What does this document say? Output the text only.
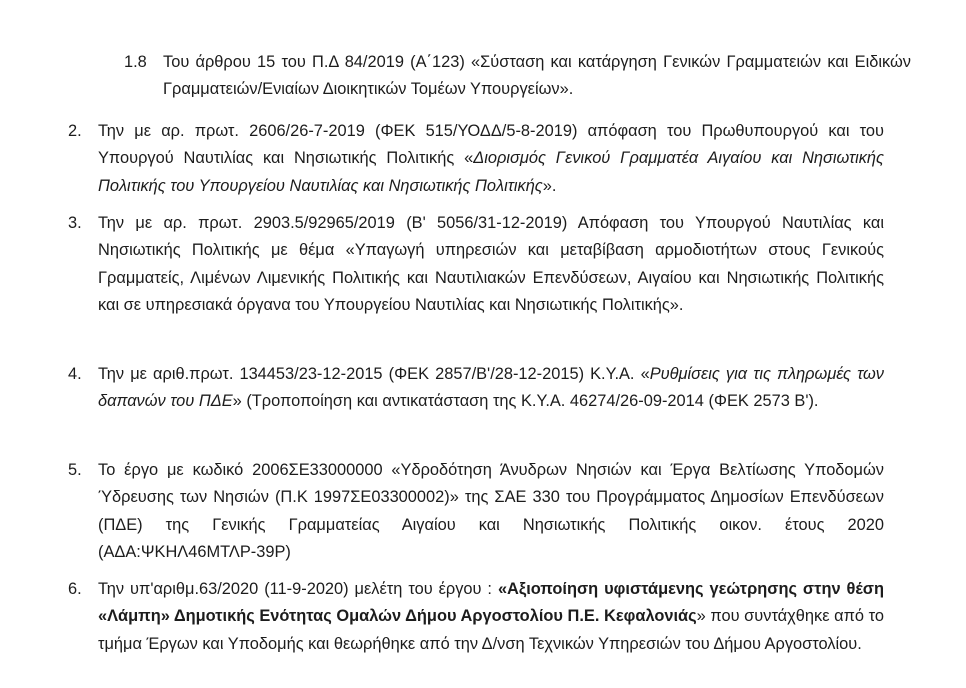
1.8 Του άρθρου 15 του Π.Δ 84/2019 (Α΄123) «Σύσταση και κατάργηση Γενικών Γραμματειών και Ειδικών Γραμματειών/Ενιαίων Διοικητικών Τομέων Υπουργείων».
2. Την με αρ. πρωτ. 2606/26-7-2019 (ΦΕΚ 515/ΥΟΔΔ/5-8-2019) απόφαση του Πρωθυπουργού και του Υπουργού Ναυτιλίας και Νησιωτικής Πολιτικής «Διορισμός Γενικού Γραμματέα Αιγαίου και Νησιωτικής Πολιτικής του Υπουργείου Ναυτιλίας και Νησιωτικής Πολιτικής».
3. Την με αρ. πρωτ. 2903.5/92965/2019 (Β' 5056/31-12-2019) Απόφαση του Υπουργού Ναυτιλίας και Νησιωτικής Πολιτικής με θέμα «Υπαγωγή υπηρεσιών και μεταβίβαση αρμοδιοτήτων στους Γενικούς Γραμματείς, Λιμένων Λιμενικής Πολιτικής και Ναυτιλιακών Επενδύσεων, Αιγαίου και Νησιωτικής Πολιτικής και σε υπηρεσιακά όργανα του Υπουργείου Ναυτιλίας και Νησιωτικής Πολιτικής».
4. Την με αριθ.πρωτ. 134453/23-12-2015 (ΦΕΚ 2857/Β'/28-12-2015) Κ.Υ.Α. «Ρυθμίσεις για τις πληρωμές των δαπανών του ΠΔΕ» (Τροποποίηση και αντικατάσταση της Κ.Υ.Α. 46274/26-09-2014 (ΦΕΚ 2573 Β').
5. Το έργο με κωδικό 2006ΣΕ33000000 «Υδροδότηση Άνυδρων Νησιών και Έργα Βελτίωσης Υποδομών Ύδρευσης των Νησιών (Π.Κ 1997ΣΕ03300002)» της ΣΑΕ 330 του Προγράμματος Δημοσίων Επενδύσεων (ΠΔΕ) της Γενικής Γραμματείας Αιγαίου και Νησιωτικής Πολιτικής οικον. έτους 2020 (ΑΔΑ:ΨΚΗΛ46ΜΤΛΡ-39Ρ)
6. Την υπ'αριθμ.63/2020 (11-9-2020) μελέτη του έργου : «Αξιοποίηση υφιστάμενης γεώτρησης στην θέση «Λάμπη» Δημοτικής Ενότητας Ομαλών Δήμου Αργοστολίου Π.Ε. Κεφαλονιάς» που συντάχθηκε από το τμήμα Έργων και Υποδομής και θεωρήθηκε από την Δ/νση Τεχνικών Υπηρεσιών του Δήμου Αργοστολίου.
